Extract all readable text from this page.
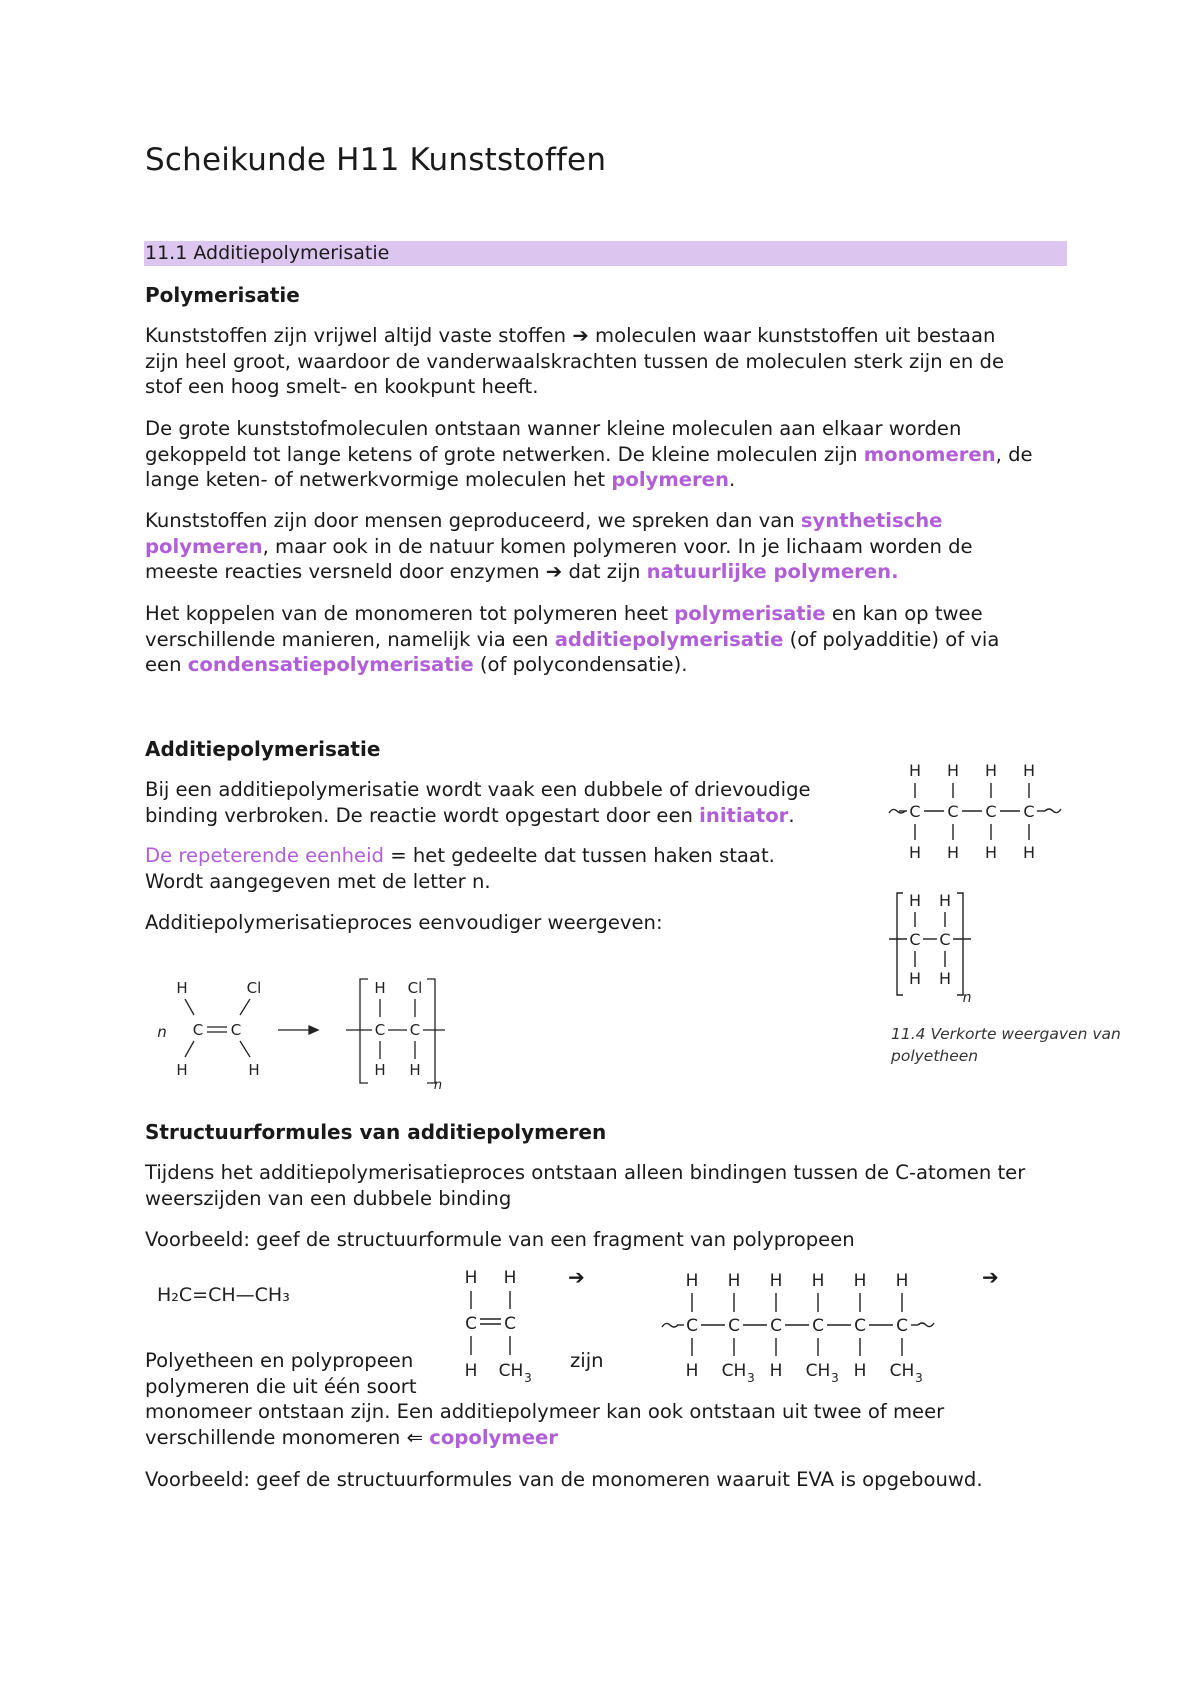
Scheikunde H11 Kunststoffen
11.1 Additiepolymerisatie
Polymerisatie

Kunststoffen zijn vrijwel altijd vaste stoffen ➔ moleculen waar kunststoffen uit bestaan
zijn heel groot, waardoor de vanderwaalskrachten tussen de moleculen sterk zijn en de
stof een hoog smelt- en kookpunt heeft.

De grote kunststofmoleculen ontstaan wanner kleine moleculen aan elkaar worden
gekoppeld tot lange ketens of grote netwerken. De kleine moleculen zijn monomeren, de
lange keten- of netwerkvormige moleculen het polymeren.

Kunststoffen zijn door mensen geproduceerd, we spreken dan van synthetische
polymeren, maar ook in de natuur komen polymeren voor. In je lichaam worden de
meeste reacties versneld door enzymen ➔ dat zijn natuurlijke polymeren.

Het koppelen van de monomeren tot polymeren heet polymerisatie en kan op twee
verschillende manieren, namelijk via een additiepolymerisatie (of polyadditie) of via
een condensatiepolymerisatie (of polycondensatie).

Additiepolymerisatie

Bij een additiepolymerisatie wordt vaak een dubbele of drievoudige
binding verbroken. De reactie wordt opgestart door een initiator.

De repeterende eenheid = het gedeelte dat tussen haken staat.
Wordt aangegeven met de letter n.

Additiepolymerisatieproces eenvoudiger weergeven:

H H H H
C C C C
H H H H
H H
C C
H H
n
11.4 Verkorte weergaven van
polyetheen
H	Cl
n C C
H	H
H Cl
C C
H H
n
Structuurformules van additiepolymeren

Tijdens het additiepolymerisatieproces ontstaan alleen bindingen tussen de C-atomen ter
weerszijden van een dubbele binding

Voorbeeld: geef de structuurformule van een fragment van polypropeen

H₂C=CH—CH₃
H H
C C
H CH 3
➔	➔
H H H H H H
C C C C C C
H CH 3 H CH 3 H CH 3

Polyetheen en polypropeen
polymeren die uit één soort
monomeer ontstaan zijn. Een additiepolymeer kan ook ontstaan uit twee of meer
verschillende monomeren ⇐ copolymeer

zijn

Voorbeeld: geef de structuurformules van de monomeren waaruit EVA is opgebouwd.
